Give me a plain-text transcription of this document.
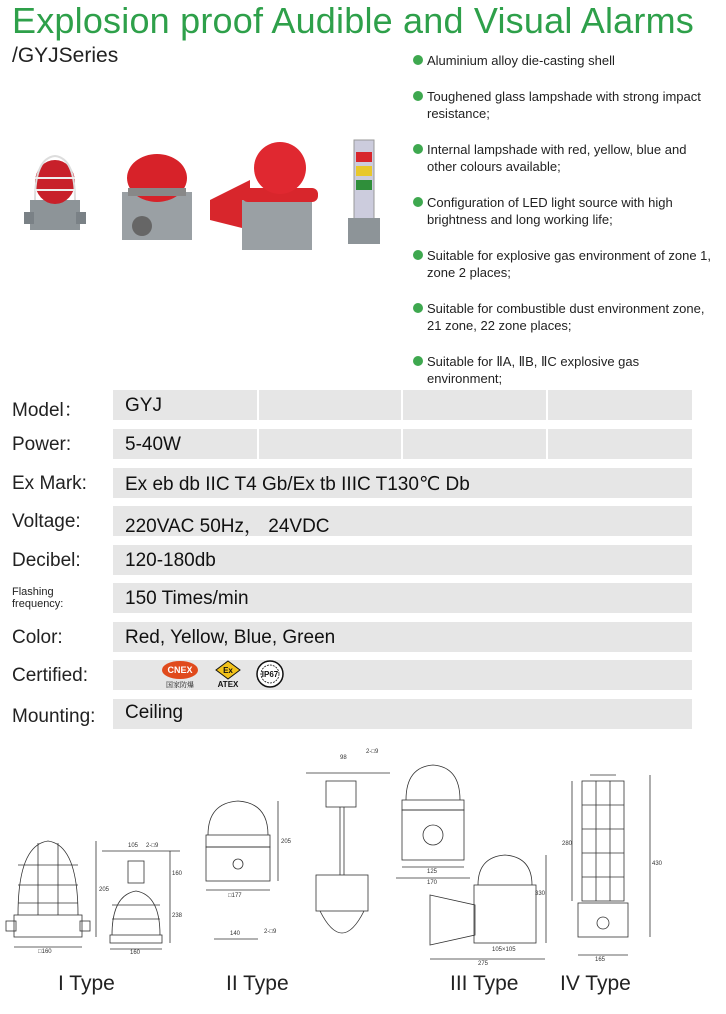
Explosion proof Audible and Visual Alarms
/GYJSeries	Aluminium alloy die-casting shell
Toughened glass lampshade with strong impact resistance;
Internal lampshade with red, yellow, blue and other colours available;
Configuration of LED light source with high brightness and long working life;
Suitable for explosive gas environment of zone 1, zone 2 places;
Suitable for combustible dust environment zone, 21 zone, 22 zone places;
Suitable for ⅡA, ⅡB, ⅡC explosive gas environment;
Model： GYJ
Power:	5-40W
Ex Mark: Ex eb db IIC T4 Gb/Ex tb IIIC T130℃ Db
Voltage: 220VAC 50Hz， 24VDC
Decibel: 120-180db
Flashing
frequency:	150 Times/min
Color:	Red, Yellow, Blue, Green
Certified:	CNEX
国家防爆
Ex
ATEX
IP67
Mounting: Ceiling
205
□160
105 2-□9
160
238
160
205
□177
140	2-□9
98
2-□9
125
170
330
105×105
275
280
430
165
I Type	II Type	III Type IV Type
